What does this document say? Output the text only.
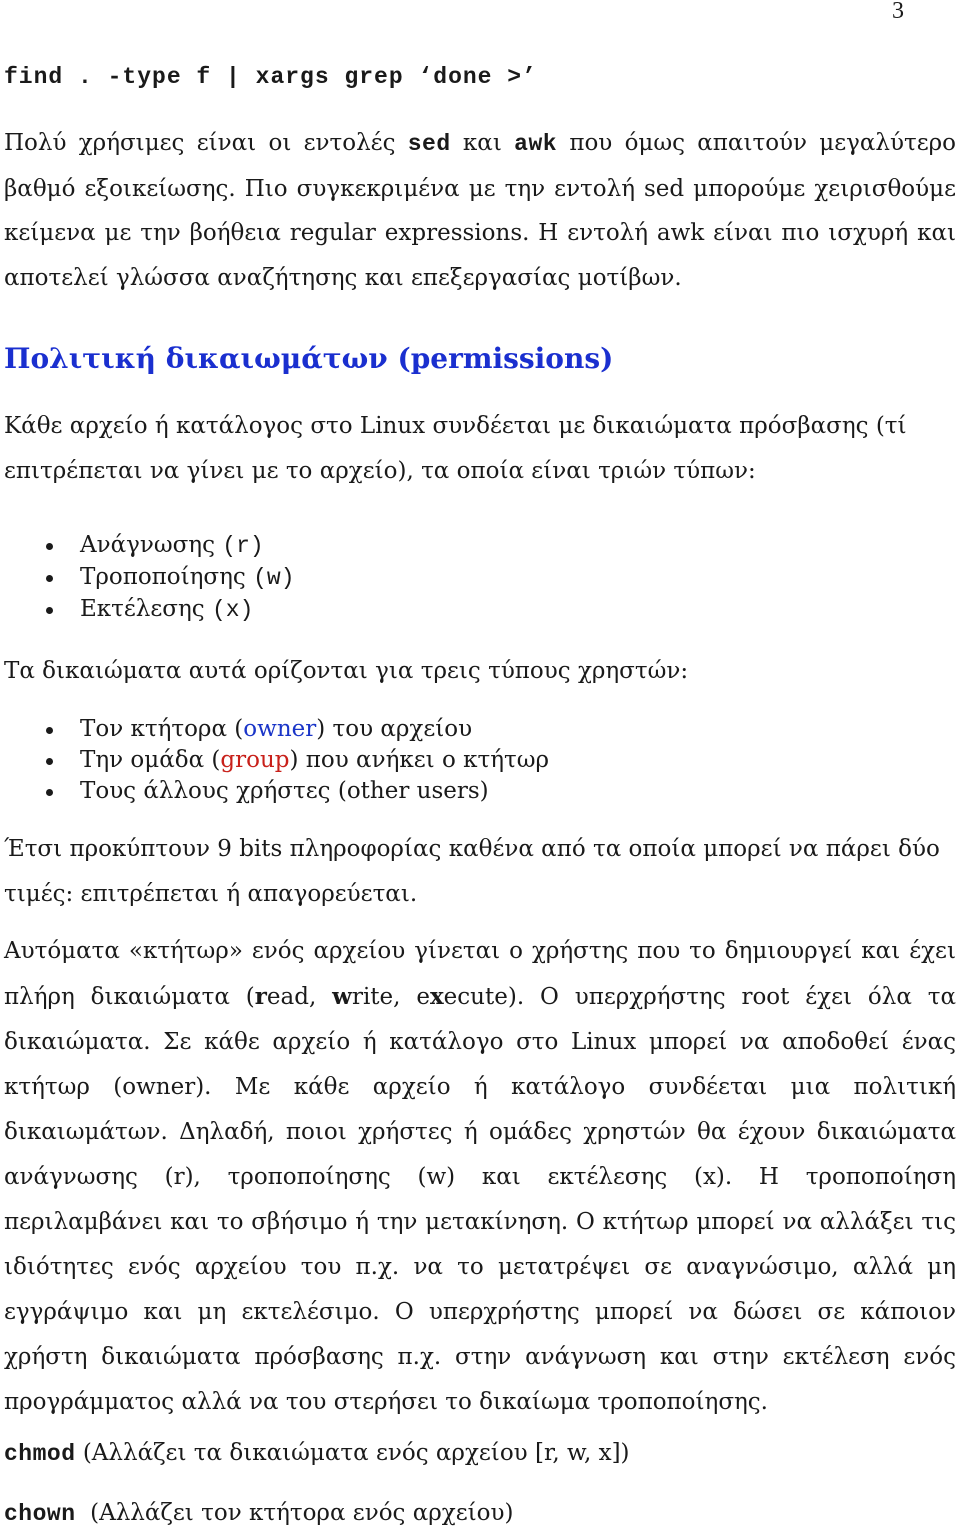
3
find . -type f | xargs grep ‘done >’

Πολύ χρήσιμες είναι οι εντολές sed και awk που όμως απαιτούν μεγαλύτερο βαθμό εξοικείωσης. Πιο συγκεκριμένα με την εντολή sed μπορούμε χειρισθούμε κείμενα με την βοήθεια regular expressions. Η εντολή awk είναι πιο ισχυρή και αποτελεί γλώσσα αναζήτησης και επεξεργασίας μοτίβων.

Πολιτική δικαιωμάτων (permissions)

Κάθε αρχείο ή κατάλογος στο Linux συνδέεται με δικαιώματα πρόσβασης (τί επιτρέπεται να γίνει με το αρχείο), τα οποία είναι τριών τύπων:

Ανάγνωσης (r)
Τροποποίησης (w)
Εκτέλεσης (x)

Τα δικαιώματα αυτά ορίζονται για τρεις τύπους χρηστών:

Τον κτήτορα (owner) του αρχείου
Την ομάδα (group) που ανήκει ο κτήτωρ
Τους άλλους χρήστες (other users)

Έτσι προκύπτουν 9 bits πληροφορίας καθένα από τα οποία μπορεί να πάρει δύο τιμές: επιτρέπεται ή απαγορεύεται.

Αυτόματα «κτήτωρ» ενός αρχείου γίνεται ο χρήστης που το δημιουργεί και έχει πλήρη δικαιώματα (read, write, execute). Ο υπερχρήστης root έχει όλα τα δικαιώματα. Σε κάθε αρχείο ή κατάλογο στο Linux μπορεί να αποδοθεί ένας κτήτωρ (owner). Με κάθε αρχείο ή κατάλογο συνδέεται μια πολιτική δικαιωμάτων. Δηλαδή, ποιοι χρήστες ή ομάδες χρηστών θα έχουν δικαιώματα ανάγνωσης (r), τροποποίησης (w) και εκτέλεσης (x). Η τροποποίηση περιλαμβάνει και το σβήσιμο ή την μετακίνηση. Ο κτήτωρ μπορεί να αλλάξει τις ιδιότητες ενός αρχείου του π.χ. να το μετατρέψει σε αναγνώσιμο, αλλά μη εγγράψιμο και μη εκτελέσιμο. Ο υπερχρήστης μπορεί να δώσει σε κάποιον χρήστη δικαιώματα πρόσβασης π.χ. στην ανάγνωση και στην εκτέλεση ενός προγράμματος αλλά να του στερήσει το δικαίωμα τροποποίησης.

chmod (Αλλάζει τα δικαιώματα ενός αρχείου [r, w, x])
chown  (Αλλάζει τον κτήτορα ενός αρχείου)
